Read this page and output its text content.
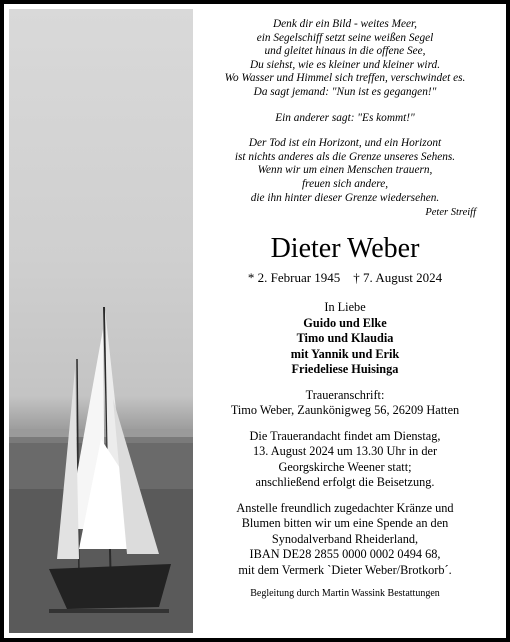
Denk dir ein Bild - weites Meer,

ein Segelschiff setzt seine weißen Segel

und gleitet hinaus in die offene See,

Du siehst, wie es kleiner und kleiner wird.

Wo Wasser und Himmel sich treffen, verschwindet es.

Da sagt jemand: "Nun ist es gegangen!"

Ein anderer sagt: "Es kommt!"

Der Tod ist ein Horizont, und ein Horizont

ist nichts anderes als die Grenze unseres Sehens.

Wenn wir um einen Menschen trauern,

freuen sich andere,

die ihn hinter dieser Grenze wiedersehen.

Peter Streiff
Dieter Weber
* 2. Februar 1945 † 7. August 2024

In Liebe

Guido und Elke

Timo und Klaudia

mit Yannik und Erik

Friedeliese Huisinga

Traueranschrift:

Timo Weber, Zaunkönigweg 56, 26209 Hatten

Die Trauerandacht findet am Dienstag,

13. August 2024 um 13.30 Uhr in der

Georgskirche Weener statt;

anschließend erfolgt die Beisetzung.

Anstelle freundlich zugedachter Kränze und

Blumen bitten wir um eine Spende an den

Synodalverband Rheiderland,

IBAN DE28 2855 0000 0002 0494 68,

mit dem Vermerk `Dieter Weber/Brotkorb´.

Begleitung durch Martin Wassink Bestattungen
